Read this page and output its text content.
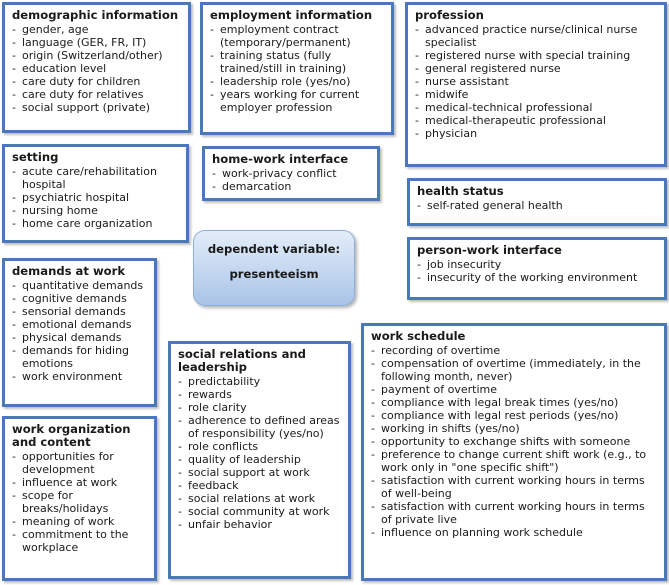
demographic information
- gender, age
- language (GER, FR, IT)
- origin (Switzerland/other)
- education level
- care duty for children
- care duty for relatives
- social support (private)
employment information
- employment contract (temporary/permanent)
- training status (fully trained/still in training)
- leadership role (yes/no)
- years working for current employer profession
profession
- advanced practice nurse/clinical nurse specialist
- registered nurse with special training
- general registered nurse
- nurse assistant
- midwife
- medical-technical professional
- medical-therapeutic professional
- physician
setting
- acute care/rehabilitation hospital
- psychiatric hospital
- nursing home
- home care organization
home-work interface
- work-privacy conflict
- demarcation	health status
- self-rated general health
dependent variable:
presenteeism
person-work interface
- job insecurity
- insecurity of the working environment
demands at work
- quantitative demands
- cognitive demands
- sensorial demands
- emotional demands
- physical demands
- demands for hiding emotions
- work environment
social relations and leadership
- predictability
- rewards
- role clarity
- adherence to defined areas of responsibility (yes/no)
- role conflicts
- quality of leadership
- social support at work
- feedback
- social relations at work
- social community at work
- unfair behavior
work schedule
- recording of overtime
- compensation of overtime (immediately, in the following month, never)
- payment of overtime
- compliance with legal break times (yes/no)
- compliance with legal rest periods (yes/no)
- working in shifts (yes/no)
- opportunity to exchange shifts with someone
- preference to change current shift work (e.g., to work only in "one specific shift")
- satisfaction with current working hours in terms of well-being
- satisfaction with current working hours in terms of private live
- influence on planning work schedule
work organization and content
- opportunities for development
- influence at work
- scope for breaks/holidays
- meaning of work
- commitment to the workplace
